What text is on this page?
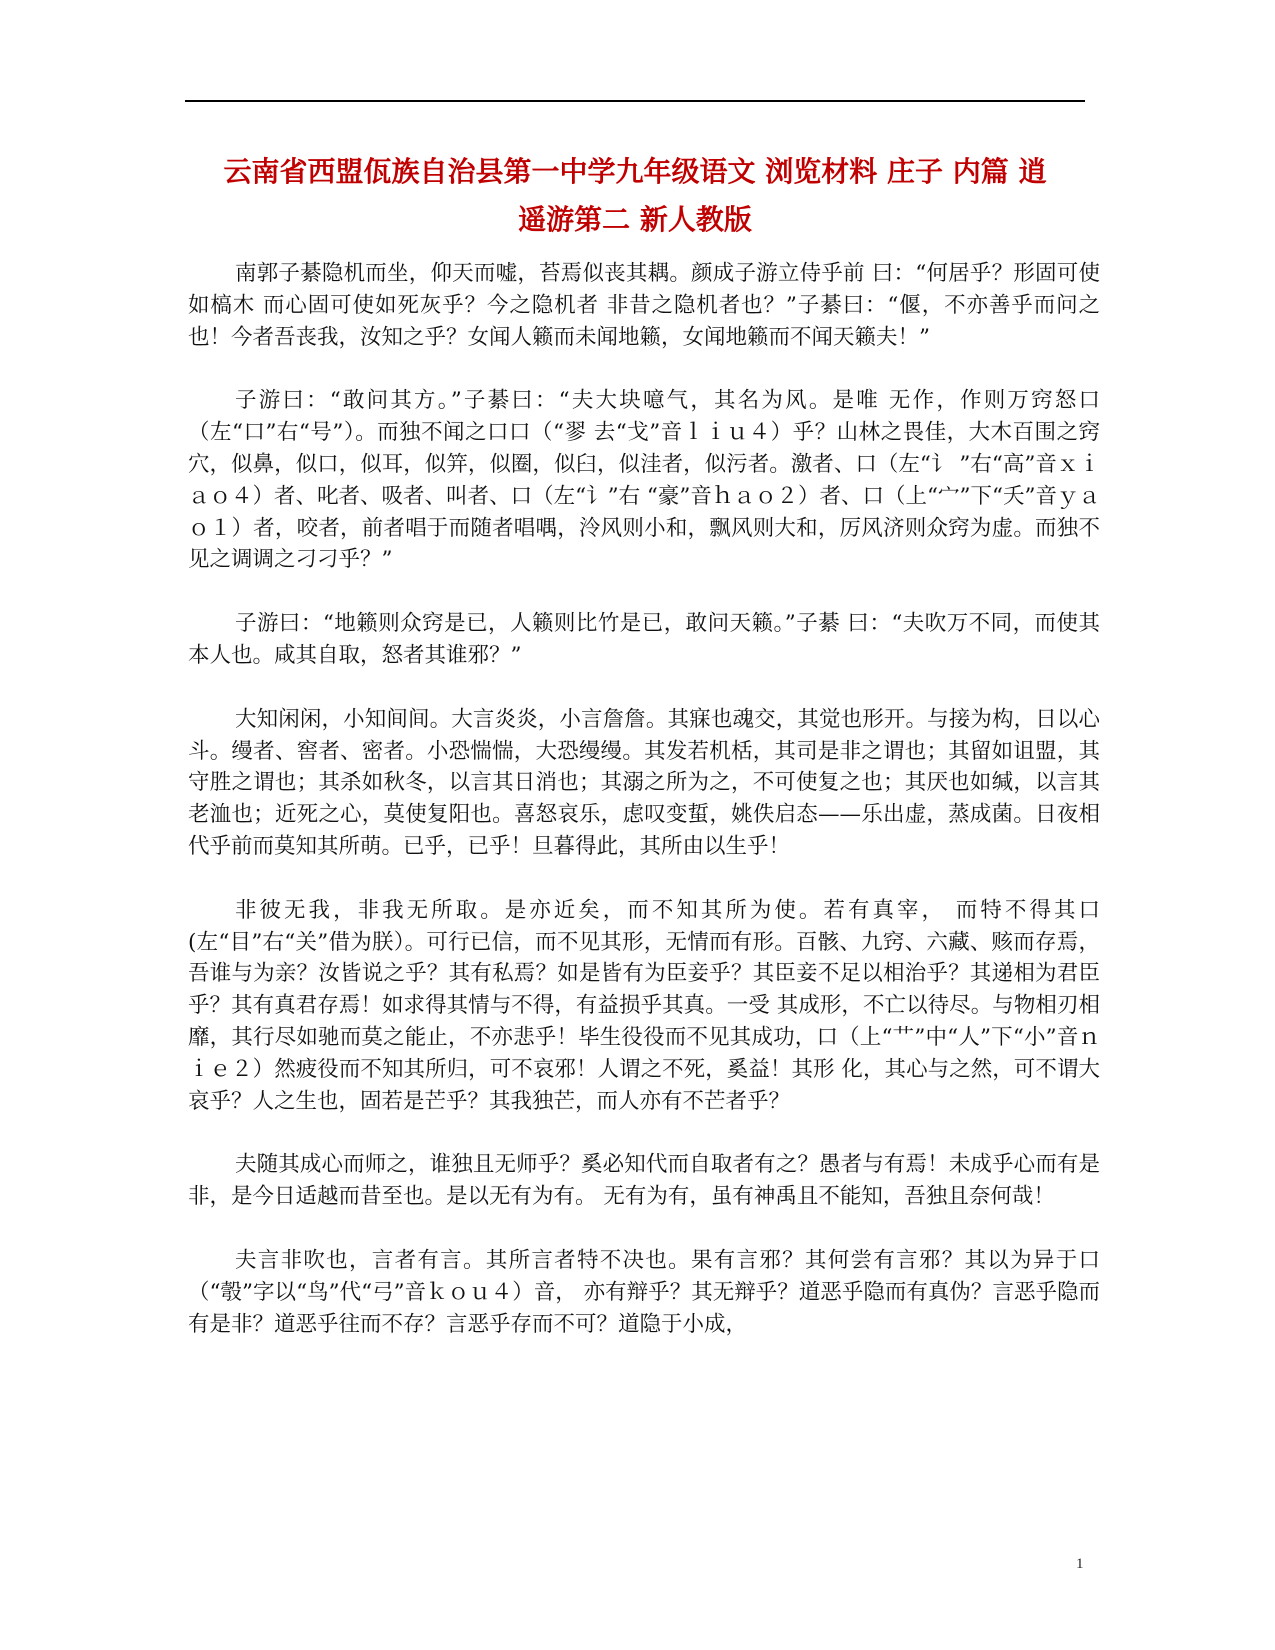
云南省西盟佤族自治县第一中学九年级语文 浏览材料 庄子 内篇 逍
遥游第二 新人教版

南郭子綦隐机而坐，仰天而嘘，苔焉似丧其耦。颜成子游立侍乎前 曰：“何居乎？形固可使如槁木 而心固可使如死灰乎？今之隐机者 非昔之隐机者也？”子綦曰：“偃，不亦善乎而问之也！今者吾丧我，汝知之乎？女闻人籁而未闻地籁，女闻地籁而不闻天籁夫！”

子游曰：“敢问其方。”子綦曰：“夫大块噫气，其名为风。是唯 无作，作则万窍怒口（左“口”右“号”）。而独不闻之口口（“翏 去“戈”音ｌｉｕ４）乎？山林之畏佳，大木百围之窍穴，似鼻，似口，似耳，似笄，似圈，似臼，似洼者，似污者。激者、口（左“讠 ”右“高”音ｘｉａｏ４）者、叱者、吸者、叫者、口（左“讠”右 “豪”音ｈａｏ２）者、口（上“宀”下“夭”音ｙａｏ１）者，咬者，前者唱于而随者唱喁，泠风则小和，飘风则大和，厉风济则众窍为虚。而独不见之调调之刁刁乎？”

子游曰：“地籁则众窍是已，人籁则比竹是已，敢问天籁。”子綦 曰：“夫吹万不同，而使其本人也。咸其自取，怒者其谁邪？”

大知闲闲，小知间间。大言炎炎，小言詹詹。其寐也魂交，其觉也形开。与接为构，日以心斗。缦者、窖者、密者。小恐惴惴，大恐缦缦。其发若机栝，其司是非之谓也；其留如诅盟，其守胜之谓也；其杀如秋冬，以言其日消也；其溺之所为之，不可使复之也；其厌也如缄，以言其老洫也；近死之心，莫使复阳也。喜怒哀乐，虑叹变蜇，姚佚启态——乐出虚，蒸成菌。日夜相代乎前而莫知其所萌。已乎，已乎！旦暮得此，其所由以生乎！

非彼无我，非我无所取。是亦近矣，而不知其所为使。若有真宰， 而特不得其口(左“目”右“关”借为朕）。可行已信，而不见其形，无情而有形。百骸、九窍、六藏、赅而存焉，吾谁与为亲？汝皆说之乎？其有私焉？如是皆有为臣妾乎？其臣妾不足以相治乎？其递相为君臣乎？其有真君存焉！如求得其情与不得，有益损乎其真。一受 其成形，不亡以待尽。与物相刃相靡，其行尽如驰而莫之能止，不亦悲乎！毕生役役而不见其成功，口（上“艹”中“人”下“小”音ｎｉｅ２）然疲役而不知其所归，可不哀邪！人谓之不死，奚益！其形 化，其心与之然，可不谓大哀乎？人之生也，固若是芒乎？其我独芒，而人亦有不芒者乎？

夫随其成心而师之，谁独且无师乎？奚必知代而自取者有之？愚者与有焉！未成乎心而有是非，是今日适越而昔至也。是以无有为有。 无有为有，虽有神禹且不能知，吾独且奈何哉！

夫言非吹也，言者有言。其所言者特不决也。果有言邪？其何尝有言邪？其以为异于口（“彀”字以“鸟”代“弓”音ｋｏｕ４）音， 亦有辩乎？其无辩乎？道恶乎隐而有真伪？言恶乎隐而有是非？道恶乎往而不存？言恶乎存而不可？道隐于小成，

1
